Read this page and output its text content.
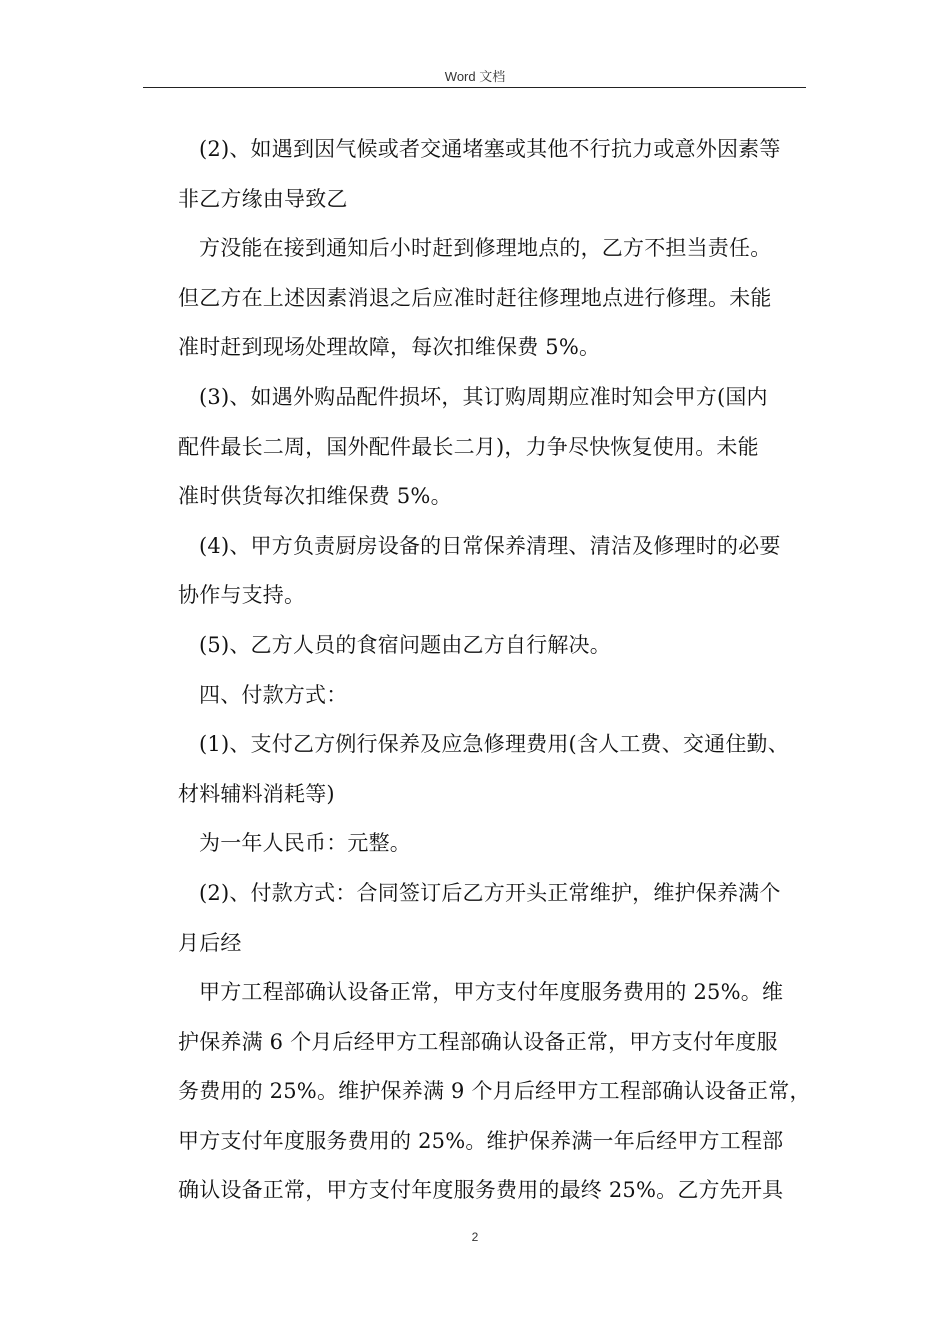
Word 文档
(2)、如遇到因气候或者交通堵塞或其他不行抗力或意外因素等
非乙方缘由导致乙
方没能在接到通知后小时赶到修理地点的，乙方不担当责任。
但乙方在上述因素消退之后应准时赶往修理地点进行修理。未能
准时赶到现场处理故障，每次扣维保费 5%。
(3)、如遇外购品配件损坏，其订购周期应准时知会甲方(国内
配件最长二周，国外配件最长二月)，力争尽快恢复使用。未能
准时供货每次扣维保费 5%。
(4)、甲方负责厨房设备的日常保养清理、清洁及修理时的必要
协作与支持。
(5)、乙方人员的食宿问题由乙方自行解决。
四、付款方式：
(1)、支付乙方例行保养及应急修理费用(含人工费、交通住勤、
材料辅料消耗等)
为一年人民币：元整。
(2)、付款方式：合同签订后乙方开头正常维护，维护保养满个
月后经
甲方工程部确认设备正常，甲方支付年度服务费用的 25%。维
护保养满 6 个月后经甲方工程部确认设备正常，甲方支付年度服
务费用的 25%。维护保养满 9 个月后经甲方工程部确认设备正常，
甲方支付年度服务费用的 25%。维护保养满一年后经甲方工程部
确认设备正常，甲方支付年度服务费用的最终 25%。乙方先开具
2
